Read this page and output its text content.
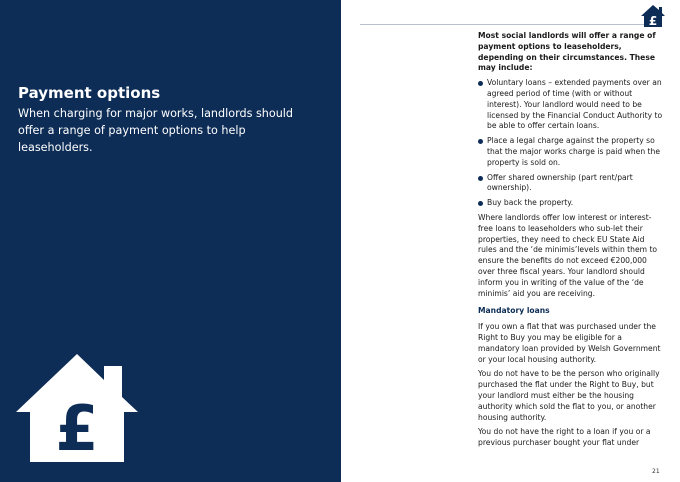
Payment options
When charging for major works, landlords should offer a range of payment options to help leaseholders.
£
£
Most social landlords will offer a range of payment options to leaseholders, depending on their circumstances. These may include:
Voluntary loans – extended payments over an agreed period of time (with or without interest). Your landlord would need to be licensed by the Financial Conduct Authority to be able to offer certain loans.
Place a legal charge against the property so that the major works charge is paid when the property is sold on.
Offer shared ownership (part rent/part ownership).
Buy back the property.
Where landlords offer low interest or interest-free loans to leaseholders who sub-let their properties, they need to check EU State Aid rules and the ‘de minimis’levels within them to ensure the benefits do not exceed €200,000 over three fiscal years. Your landlord should inform you in writing of the value of the ‘de minimis’ aid you are receiving.
Mandatory loans
If you own a flat that was purchased under the Right to Buy you may be eligible for a mandatory loan provided by Welsh Government or your local housing authority.
You do not have to be the person who originally purchased the flat under the Right to Buy, but your landlord must either be the housing authority which sold the flat to you, or another housing authority.
You do not have the right to a loan if you or a previous purchaser bought your flat under
21
